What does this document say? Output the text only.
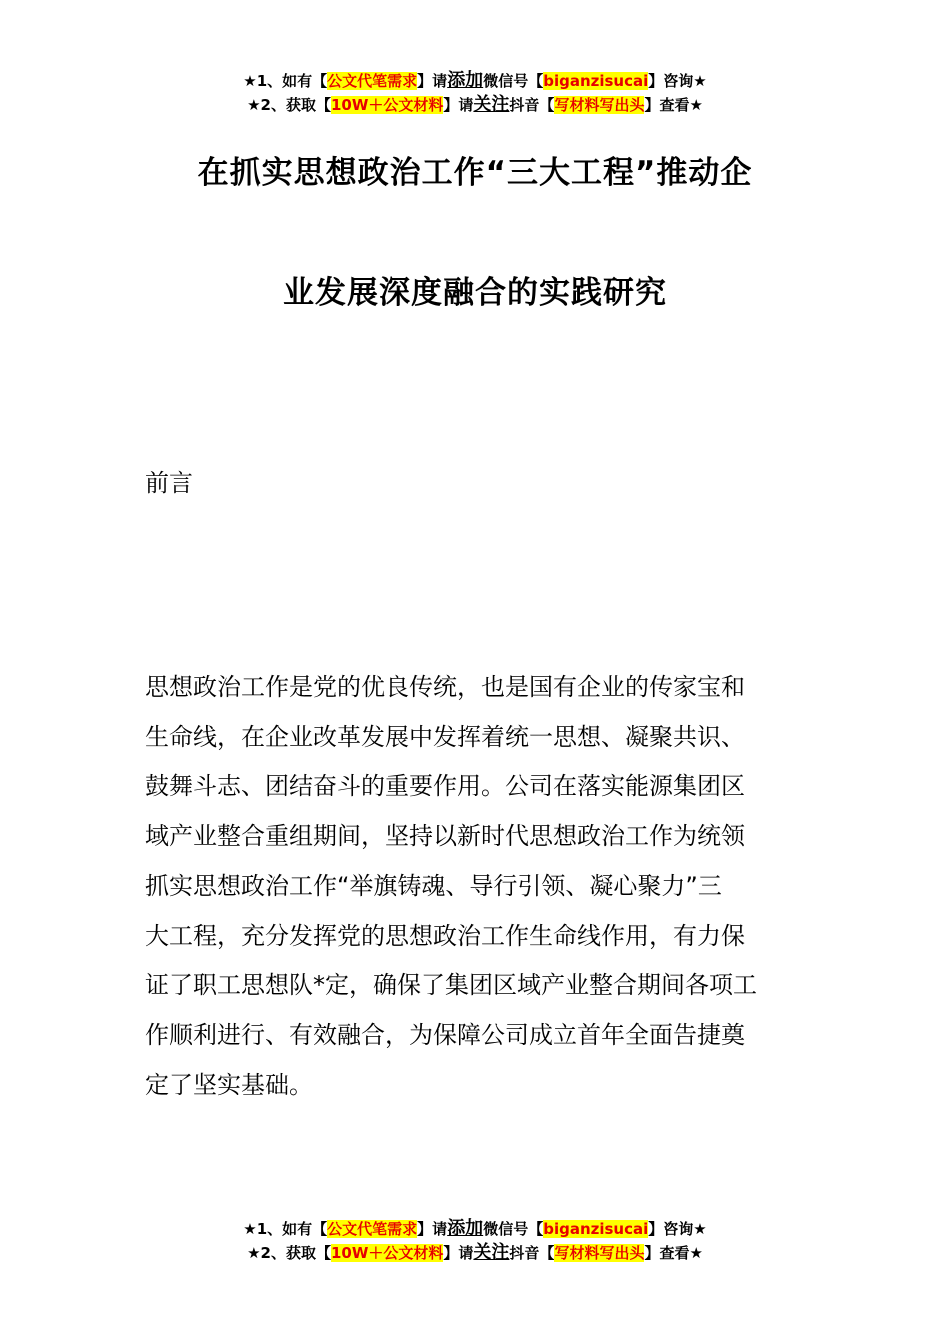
★1、如有【公文代笔需求】请添加微信号【biganzisucai】咨询★
★2、获取【10W＋公文材料】请关注抖音【写材料写出头】查看★
在抓实思想政治工作“三大工程”推动企
业发展深度融合的实践研究
前言
思想政治工作是党的优良传统，也是国有企业的传家宝和
生命线，在企业改革发展中发挥着统一思想、凝聚共识、
鼓舞斗志、团结奋斗的重要作用。公司在落实能源集团区
域产业整合重组期间，坚持以新时代思想政治工作为统领
抓实思想政治工作“举旗铸魂、导行引领、凝心聚力”三
大工程，充分发挥党的思想政治工作生命线作用，有力保
证了职工思想队*定，确保了集团区域产业整合期间各项工
作顺利进行、有效融合，为保障公司成立首年全面告捷奠
定了坚实基础。
★1、如有【公文代笔需求】请添加微信号【biganzisucai】咨询★
★2、获取【10W＋公文材料】请关注抖音【写材料写出头】查看★
